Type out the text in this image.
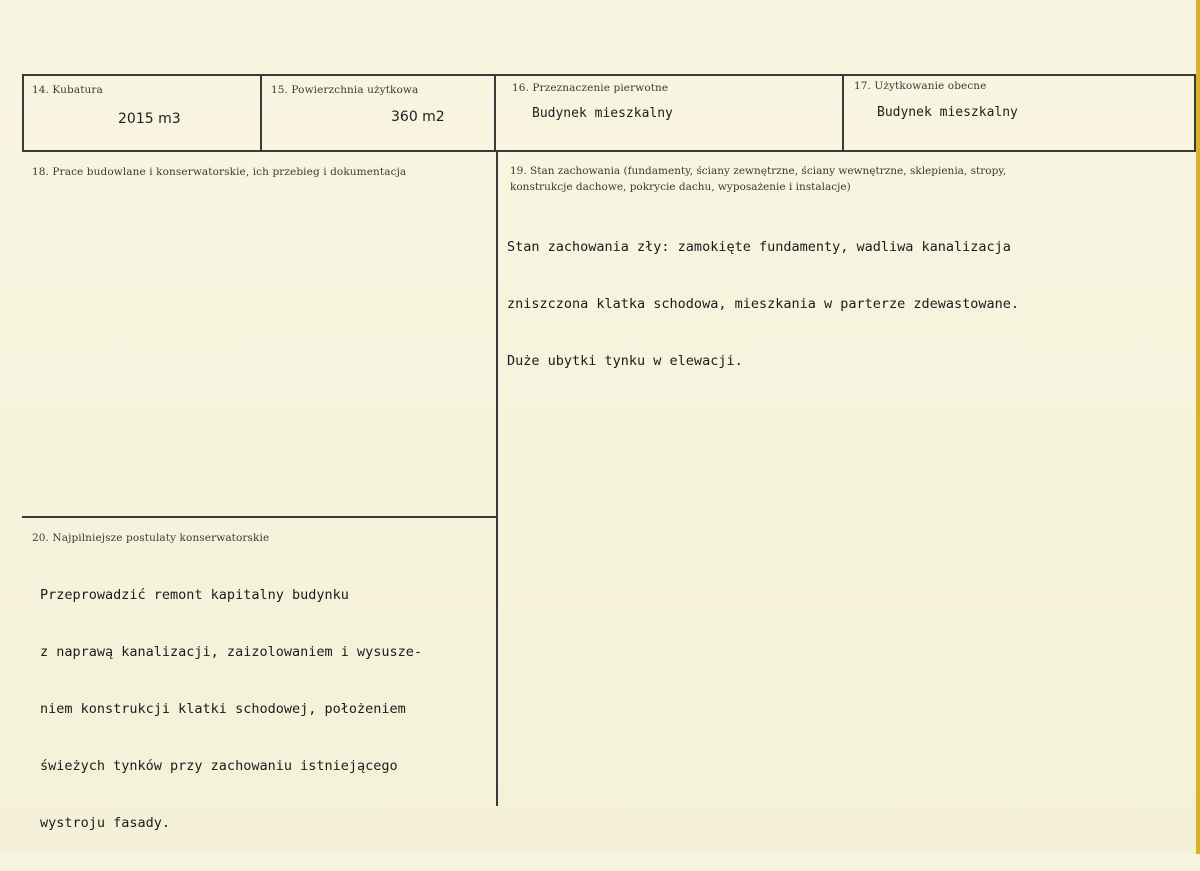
14. Kubatura
2015 m3
15. Powierzchnia użytkowa
360 m2
16. Przeznaczenie pierwotne
Budynek mieszkalny
17. Użytkowanie obecne
Budynek mieszkalny
18. Prace budowlane i konserwatorskie, ich przebieg i dokumentacja	19. Stan zachowania (fundamenty, ściany zewnętrzne, ściany wewnętrzne, sklepienia, stropy,
konstrukcje dachowe, pokrycie dachu, wyposażenie i instalacje)

Stan zachowania zły: zamokięte fundamenty, wadliwa kanalizacja

zniszczona klatka schodowa, mieszkania w parterze zdewastowane.

Duże ubytki tynku w elewacji.

20. Najpilniejsze postulaty konserwatorskie

Przeprowadzić remont kapitalny budynku

z naprawą kanalizacji, zaizolowaniem i wysusze-

niem konstrukcji klatki schodowej, położeniem

świeżych tynków przy zachowaniu istniejącego

wystroju fasady.
